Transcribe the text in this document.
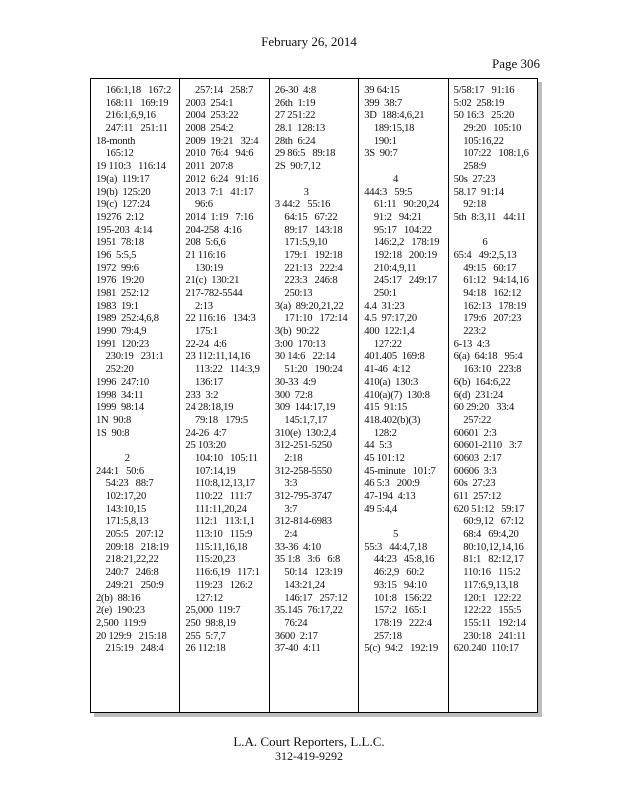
February 26, 2014
Page 306
166:1,18   167:2
168:11   169:19
216:1,6,9,16
247:11   251:11
18-month
165:12
19 110:3   116:14
19(a)  119:17
19(b)  125:20
19(c)  127:24
19276  2:12
195-203  4:14
1951  78:18
196  5:5,5
1972  99:6
1976  19:20
1981  252:12
1983  19:1
1989  252:4,6,8
1990  79:4,9
1991  120:23
230:19   231:1
252:20
1996  247:10
1998  34:11
1999  98:14
1N  90:8
1S  90:8
2
244:1   50:6
54:23   88:7
102:17,20
143:10,15
171:5,8,13
205:5   207:12
209:18   218:19
218:21,22,22
240:7   246:8
249:21   250:9
2(b)  88:16
2(e)  190:23
2,500  119:9
20 129:9   215:18
215:19   248:4
257:14   258:7
2003  254:1
2004  253:22
2008  254:2
2009  19:21   32:4
2010  76:4   94:6
2011  207:8
2012  6:24   91:16
2013  7:1   41:17
96:6
2014  1:19   7:16
204-258  4:16
208  5:6,6
21 116:16
130:19
21(c)  130:21
217-782-5544
2:13
22 116:16   134:3
175:1
22-24  4:6
23 112:11,14,16
113:22   114:3,9
136:17
233  3:2
24 28:18,19
79:18   179:5
24-26  4:7
25 103:20
104:10   105:11
107:14,19
110:8,12,13,17
110:22   111:7
111:11,20,24
112:1   113:1,1
113:10   115:9
115:11,16,18
115:20,23
116:6,19   117:1
119:23   126:2
127:12
25,000  119:7
250  98:8,19
255  5:7,7
26 112:18
26-30  4:8
26th  1:19
27 251:22
28.1  128:13
28th  6:24
29 86:5   89:18
2S  90:7,12
3
3 44:2   55:16
64:15   67:22
89:17   143:18
171:5,9,10
179:1   192:18
221:13   222:4
223:3   246:8
250:13
3(a)  89:20,21,22
171:10   172:14
3(b)  90:22
3:00  170:13
30 14:6   22:14
51:20   190:24
30-33  4:9
300  72:8
309  144:17,19
145:1,7,17
310(e)  130:2,4
312-251-5250
2:18
312-258-5550
3:3
312-795-3747
3:7
312-814-6983
2:4
33-36  4:10
35 1:8   3:6   6:8
50:14   123:19
143:21,24
146:17   257:12
35.145  76:17,22
76:24
3600  2:17
37-40  4:11
39 64:15
399  38:7
3D  188:4,6,21
189:15,18
190:1
3S  90:7
4
444:3   59:5
61:11   90:20,24
91:2   94:21
95:17   104:22
146:2,2   178:19
192:18   200:19
210:4,9,11
245:17   249:17
250:1
4.4  31:23
4.5  97:17,20
400  122:1,4
127:22
401.405  169:8
41-46  4:12
410(a)  130:3
410(a)(7)  130:8
415  91:15
418.402(b)(3)
128:2
44  5:3
45 101:12
45-minute   101:7
46 5:3   200:9
47-194  4:13
49 5:4,4
5
55:3   44:4,7,18
44:23   45:8,16
46:2,9   60:2
93:15   94:10
101:8   156:22
157:2   165:1
178:19   222:4
257:18
5(c)  94:2   192:19
5/58:17   91:16
5:02  258:19
50 16:3   25:20
29:20   105:10
105:16,22
107:22   108:1,6
258:9
50s  27:23
58.17  91:14
92:18
5th  8:3,11   44:11
6
65:4   49:2,5,13
49:15   60:17
61:12   94:14,16
94:18   162:12
162:13   178:19
179:6   207:23
223:2
6-13  4:3
6(a)  64:18   95:4
163:10   223:8
6(b)  164:6,22
6(d)  231:24
60 29:20   33:4
257:22
60601  2:3
60601-2110   3:7
60603  2:17
60606  3:3
60s  27:23
611  257:12
620 51:12   59:17
60:9,12   67:12
68:4   69:4,20
80:10,12,14,16
81:1   82:12,17
110:16   115:2
117:6,9,13,18
120:1   122:22
122:22   155:5
155:11   192:14
230:18   241:11
620.240  110:17
L.A. Court Reporters, L.L.C.
312-419-9292
